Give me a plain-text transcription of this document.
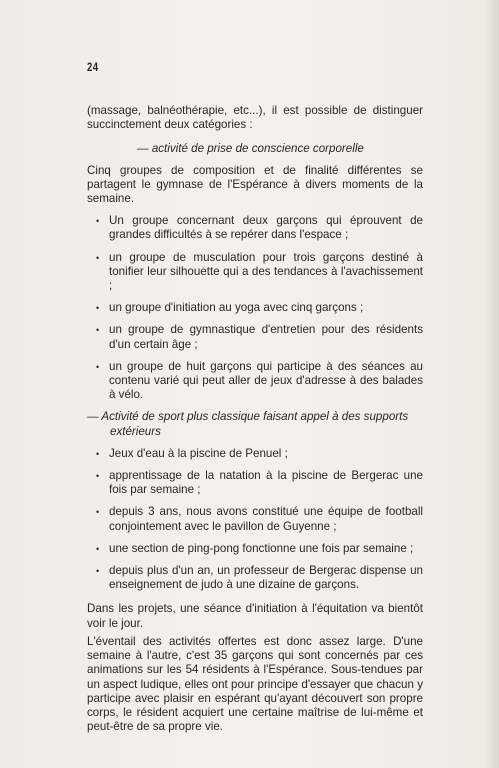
24

(massage, balnéothérapie, etc...), il est possible de distinguer succinctement deux catégories :

— activité de prise de conscience corporelle

Cinq groupes de composition et de finalité différentes se partagent le gymnase de l'Espérance à divers moments de la semaine.

• Un groupe concernant deux garçons qui éprouvent de grandes difficultés à se repérer dans l'espace ;
• un groupe de musculation pour trois garçons destiné à tonifier leur silhouette qui a des tendances à l'avachissement ;
• un groupe d'initiation au yoga avec cinq garçons ;
• un groupe de gymnastique d'entretien pour des résidents d'un certain âge ;
• un groupe de huit garçons qui participe à des séances au contenu varié qui peut aller de jeux d'adresse à des balades à vélo.

— Activité de sport plus classique faisant appel à des supports
extérieurs

• Jeux d'eau à la piscine de Penuel ;
• apprentissage de la natation à la piscine de Bergerac une fois par semaine ;
• depuis 3 ans, nous avons constitué une équipe de football conjointement avec le pavillon de Guyenne ;
• une section de ping-pong fonctionne une fois par semaine ;
• depuis plus d'un an, un professeur de Bergerac dispense un enseignement de judo à une dizaine de garçons.

Dans les projets, une séance d'initiation à l'équitation va bientôt voir le jour.

L'éventail des activités offertes est donc assez large. D'une semaine à l'autre, c'est 35 garçons qui sont concernés par ces animations sur les 54 résidents à l'Espérance. Sous-tendues par un aspect ludique, elles ont pour principe d'essayer que chacun y participe avec plaisir en espérant qu'ayant découvert son propre corps, le résident acquiert une certaine maîtrise de lui-même et peut-être de sa propre vie.
